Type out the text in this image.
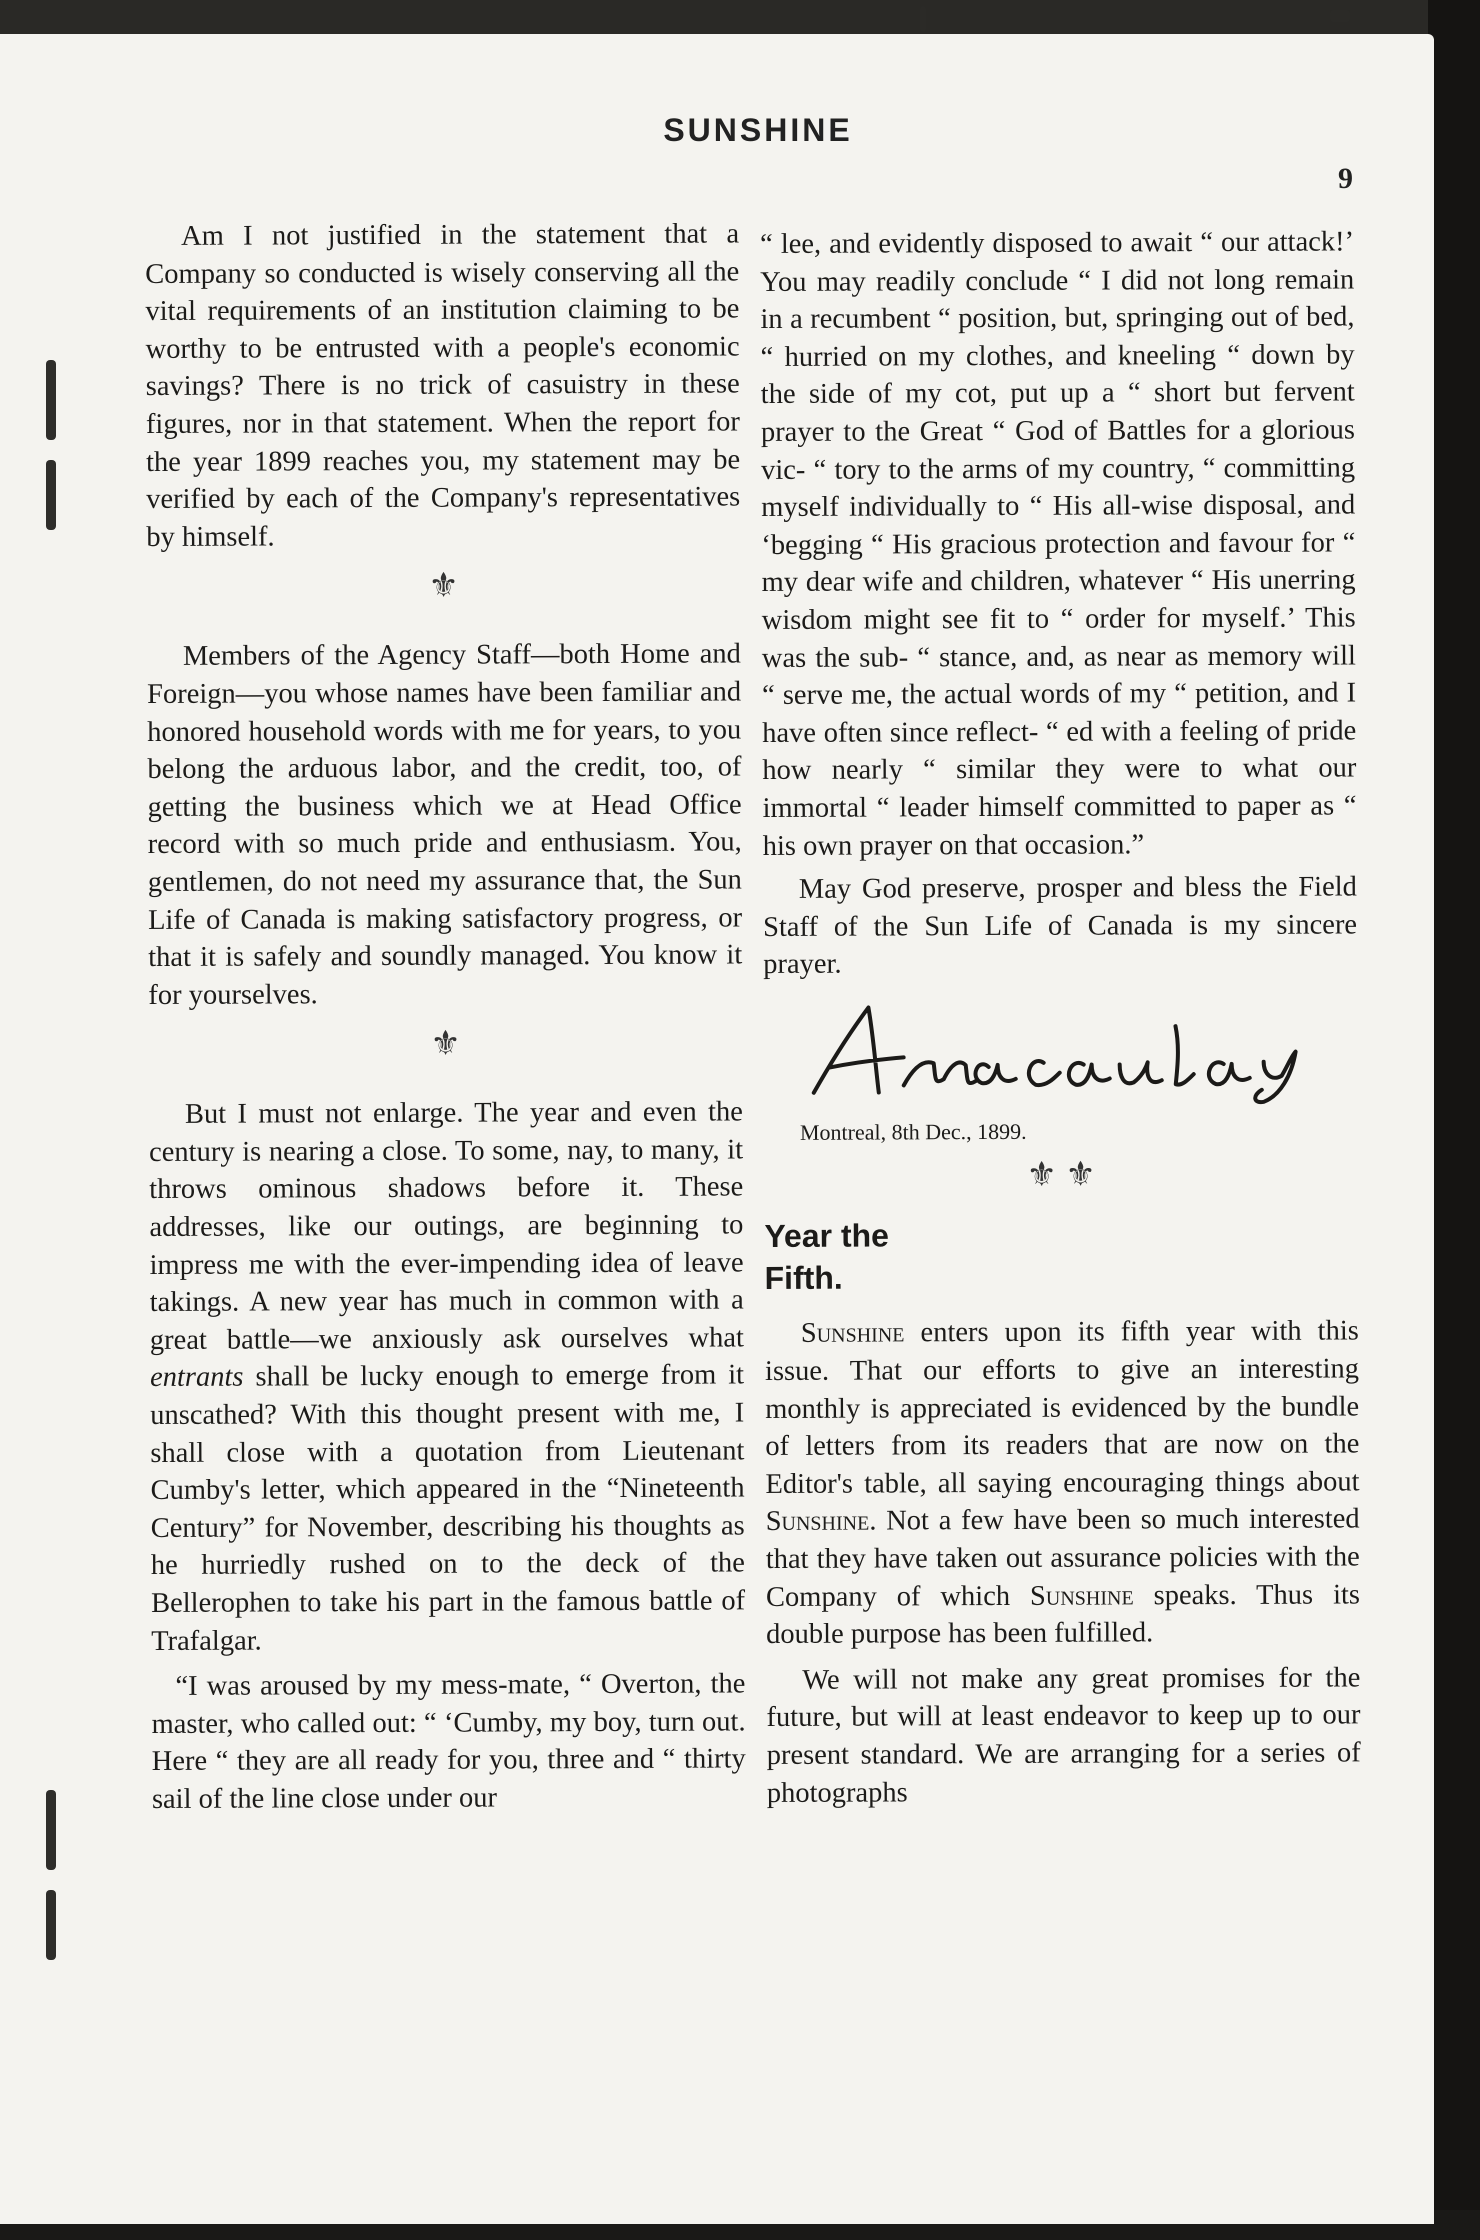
SUNSHINE
9

Am I not justified in the statement that a Company so conducted is wisely conserving all the vital requirements of an institution claiming to be worthy to be entrusted with a people's economic savings? There is no trick of casuistry in these figures, nor in that statement. When the report for the year 1899 reaches you, my statement may be verified by each of the Company's representatives by himself.

⚜

Members of the Agency Staff—both Home and Foreign—you whose names have been familiar and honored household words with me for years, to you belong the arduous labor, and the credit, too, of getting the business which we at Head Office record with so much pride and enthusiasm. You, gentlemen, do not need my assurance that, the Sun Life of Canada is making satisfactory progress, or that it is safely and soundly managed. You know it for yourselves.

⚜

But I must not enlarge. The year and even the century is nearing a close. To some, nay, to many, it throws ominous shadows before it. These addresses, like our outings, are beginning to impress me with the ever-impending idea of leave takings. A new year has much in common with a great battle—we anxiously ask ourselves what entrants shall be lucky enough to emerge from it unscathed? With this thought present with me, I shall close with a quotation from Lieutenant Cumby's letter, which appeared in the “Nineteenth Century” for November, describing his thoughts as he hurriedly rushed on to the deck of the Bellerophen to take his part in the famous battle of Trafalgar.

“I was aroused by my mess-mate, “ Overton, the master, who called out: “ ‘Cumby, my boy, turn out. Here “ they are all ready for you, three and “ thirty sail of the line close under our

“ lee, and evidently disposed to await “ our attack!’ You may readily conclude “ I did not long remain in a recumbent “ position, but, springing out of bed, “ hurried on my clothes, and kneeling “ down by the side of my cot, put up a “ short but fervent prayer to the Great “ God of Battles for a glorious vic- “ tory to the arms of my country, “ committing myself individually to “ His all-wise disposal, and ‘begging “ His gracious protection and favour for “ my dear wife and children, whatever “ His unerring wisdom might see fit to “ order for myself.’ This was the sub- “ stance, and, as near as memory will “ serve me, the actual words of my “ petition, and I have often since reflect- “ ed with a feeling of pride how nearly “ similar they were to what our immortal “ leader himself committed to paper as “ his own prayer on that occasion.”

May God preserve, prosper and bless the Field Staff of the Sun Life of Canada is my sincere prayer.

Montreal, 8th Dec., 1899.

⚜ ⚜
Year the
Fifth.

Sunshine enters upon its fifth year with this issue. That our efforts to give an interesting monthly is appreciated is evidenced by the bundle of letters from its readers that are now on the Editor's table, all saying encouraging things about Sunshine. Not a few have been so much interested that they have taken out assurance policies with the Company of which Sunshine speaks. Thus its double purpose has been fulfilled.

We will not make any great promises for the future, but will at least endeavor to keep up to our present standard. We are arranging for a series of photographs
